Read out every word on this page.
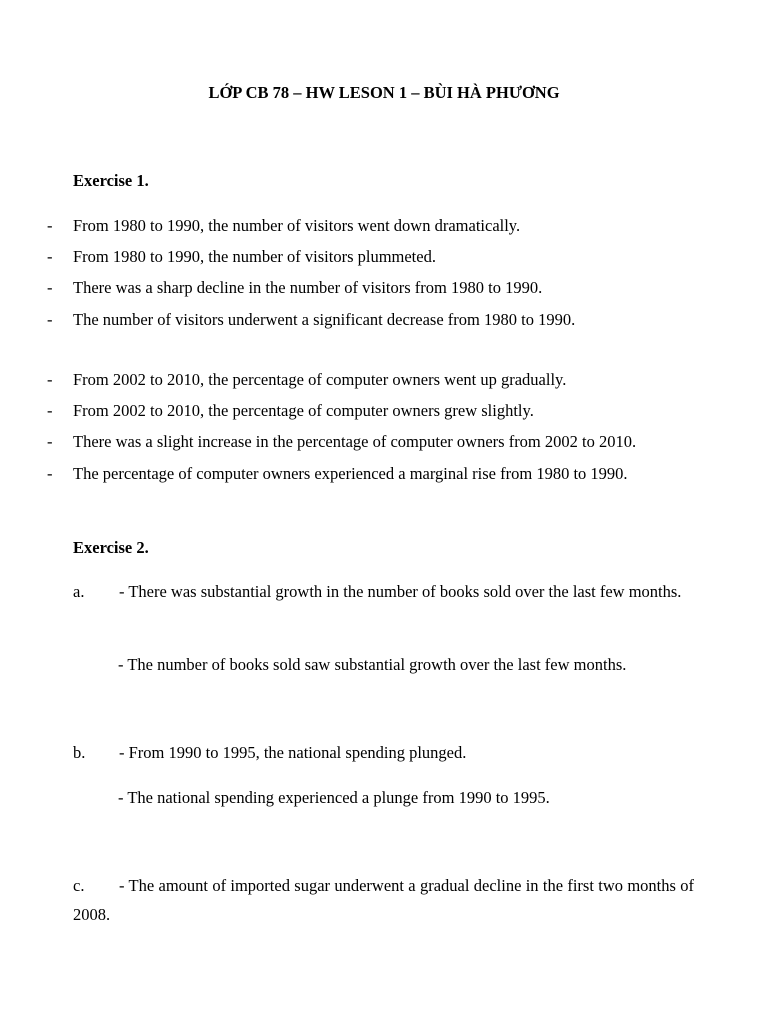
LỚP CB 78 – HW LESON 1 – BÙI HÀ PHƯƠNG
Exercise 1.
- From 1980 to 1990, the number of visitors went down dramatically.
- From 1980 to 1990, the number of visitors plummeted.
- There was a sharp decline in the number of visitors from 1980 to 1990.
- The number of visitors underwent a significant decrease from 1980 to 1990.
- From 2002 to 2010, the percentage of computer owners went up gradually.
- From 2002 to 2010, the percentage of computer owners grew slightly.
- There was a slight increase in the percentage of computer owners from 2002 to 2010.
- The percentage of computer owners experienced a marginal rise from 1980 to 1990.
Exercise 2.
a. - There was substantial growth in the number of books sold over the last few months.
- The number of books sold saw substantial growth over the last few months.
b. - From 1990 to 1995, the national spending plunged.
- The national spending experienced a plunge from 1990 to 1995.
c. - The amount of imported sugar underwent a gradual decline in the first two months of 2008.
